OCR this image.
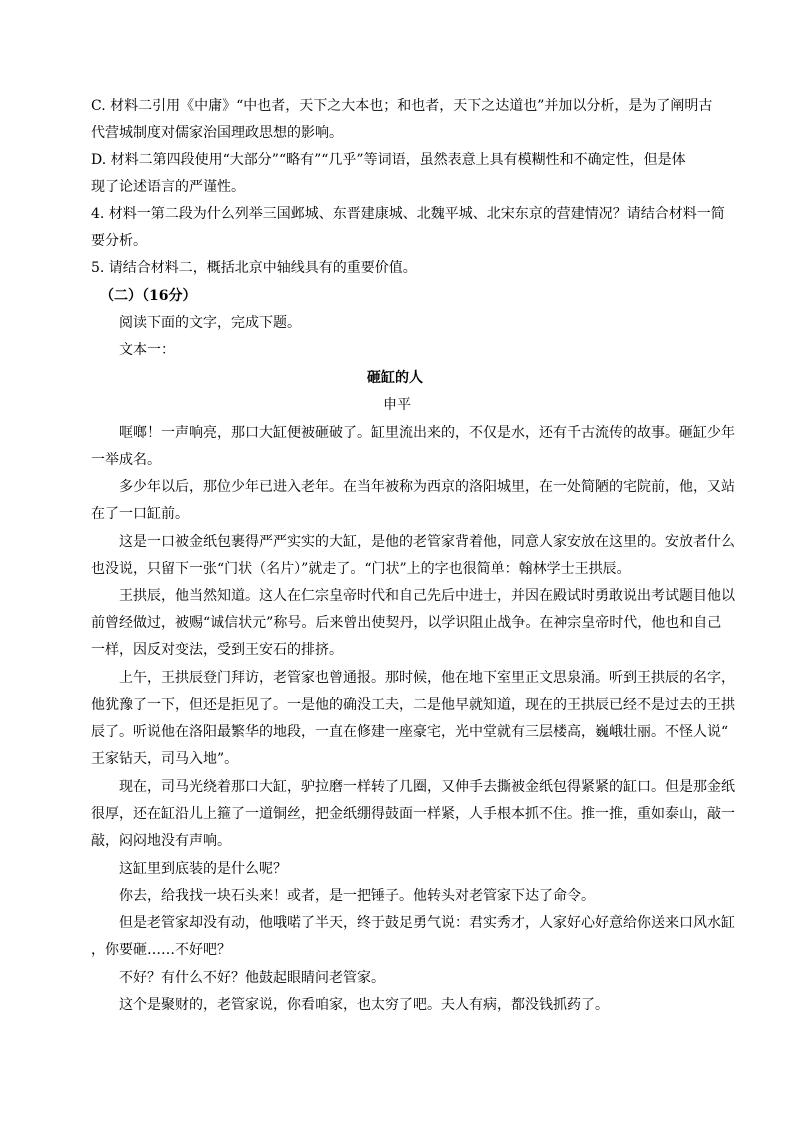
C. 材料二引用《中庸》“中也者，天下之大本也；和也者，天下之达道也”并加以分析，是为了阐明古
代营城制度对儒家治国理政思想的影响。
D. 材料二第四段使用“大部分”“略有”“几乎”等词语，虽然表意上具有模糊性和不确定性，但是体
现了论述语言的严谨性。
4. 材料一第二段为什么列举三国邺城、东晋建康城、北魏平城、北宋东京的营建情况？请结合材料一简
要分析。
5. 请结合材料二，概括北京中轴线具有的重要价值。
（二）（16分）
阅读下面的文字，完成下题。
文本一：
砸缸的人
申平
哐啷！一声响亮，那口大缸便被砸破了。缸里流出来的，不仅是水，还有千古流传的故事。砸缸少年
一举成名。
多少年以后，那位少年已进入老年。在当年被称为西京的洛阳城里，在一处简陋的宅院前，他，又站
在了一口缸前。
这是一口被金纸包裹得严严实实的大缸，是他的老管家背着他，同意人家安放在这里的。安放者什么
也没说，只留下一张“门状（名片）”就走了。“门状”上的字也很简单：翰林学士王拱辰。
王拱辰，他当然知道。这人在仁宗皇帝时代和自己先后中进士，并因在殿试时勇敢说出考试题目他以
前曾经做过，被赐“诚信状元”称号。后来曾出使契丹，以学识阻止战争。在神宗皇帝时代，他也和自己
一样，因反对变法，受到王安石的排挤。
上午，王拱辰登门拜访，老管家也曾通报。那时候，他在地下室里正文思泉涌。听到王拱辰的名字，
他犹豫了一下，但还是拒见了。一是他的确没工夫，二是他早就知道，现在的王拱辰已经不是过去的王拱
辰了。听说他在洛阳最繁华的地段，一直在修建一座豪宅，光中堂就有三层楼高，巍峨壮丽。不怪人说“
王家钻天，司马入地”。
现在，司马光绕着那口大缸，驴拉磨一样转了几圈，又伸手去撕被金纸包得紧紧的缸口。但是那金纸
很厚，还在缸沿儿上箍了一道铜丝，把金纸绷得鼓面一样紧，人手根本抓不住。推一推，重如泰山，敲一
敲，闷闷地没有声响。
这缸里到底装的是什么呢？
你去，给我找一块石头来！或者，是一把锤子。他转头对老管家下达了命令。
但是老管家却没有动，他哦喏了半天，终于鼓足勇气说：君实秀才，人家好心好意给你送来口风水缸
，你要砸……不好吧？
不好？有什么不好？他鼓起眼睛问老管家。
这个是聚财的，老管家说，你看咱家，也太穷了吧。夫人有病，都没钱抓药了。
